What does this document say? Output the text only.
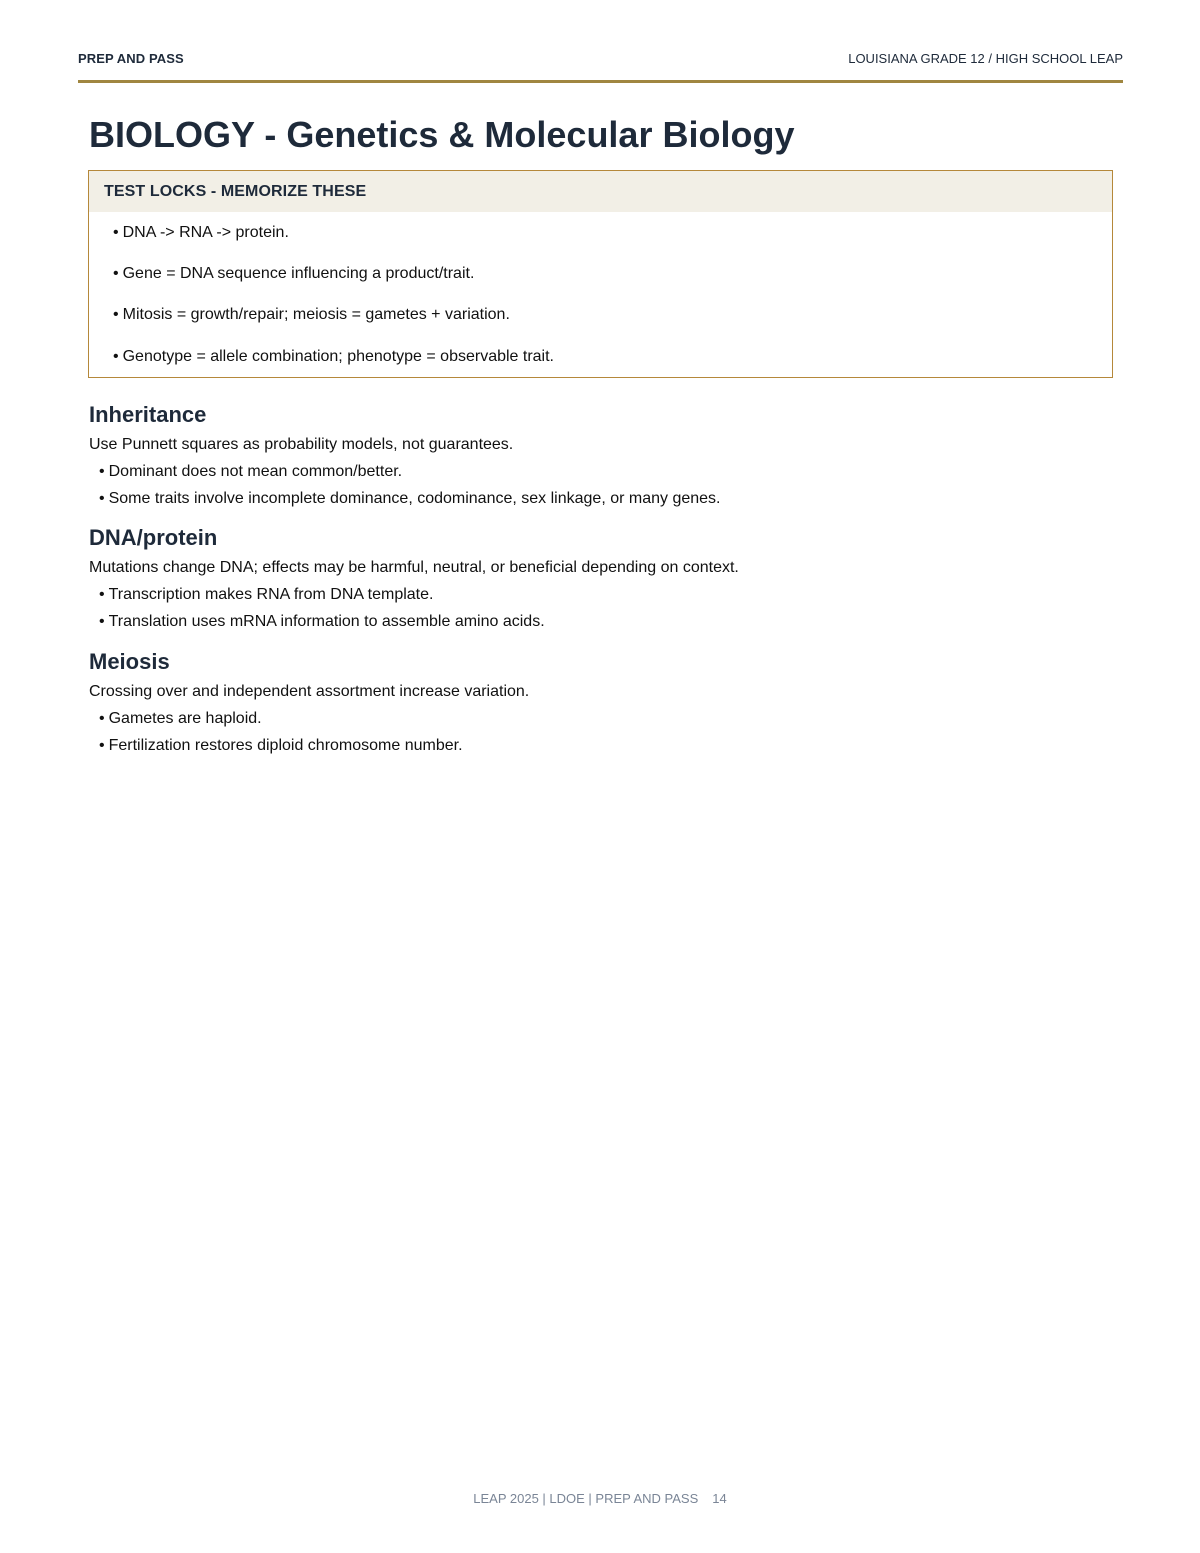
PREP AND PASS	LOUISIANA GRADE 12 / HIGH SCHOOL LEAP
BIOLOGY - Genetics & Molecular Biology
TEST LOCKS - MEMORIZE THESE
• DNA -> RNA -> protein.
• Gene = DNA sequence influencing a product/trait.
• Mitosis = growth/repair; meiosis = gametes + variation.
• Genotype = allele combination; phenotype = observable trait.
Inheritance

Use Punnett squares as probability models, not guarantees.

• Dominant does not mean common/better.
• Some traits involve incomplete dominance, codominance, sex linkage, or many genes.
DNA/protein

Mutations change DNA; effects may be harmful, neutral, or beneficial depending on context.

• Transcription makes RNA from DNA template.
• Translation uses mRNA information to assemble amino acids.
Meiosis

Crossing over and independent assortment increase variation.

• Gametes are haploid.
• Fertilization restores diploid chromosome number.
LEAP 2025 | LDOE | PREP AND PASS 14
